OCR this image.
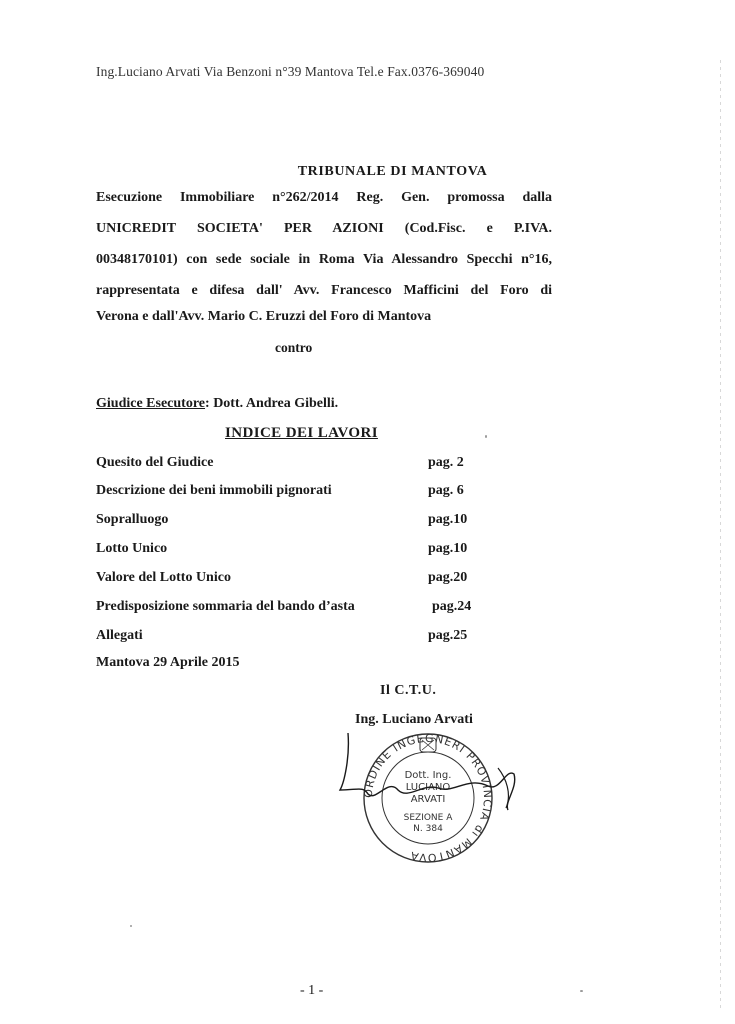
Ing.Luciano Arvati Via Benzoni n°39 Mantova Tel.e Fax.0376-369040
TRIBUNALE DI MANTOVA
Esecuzione Immobiliare n°262/2014 Reg. Gen. promossa dalla
UNICREDIT SOCIETA' PER AZIONI (Cod.Fisc. e P.IVA.
00348170101) con sede sociale in Roma Via Alessandro Specchi n°16,
rappresentata e difesa dall' Avv. Francesco Maffiсini del Foro di
Verona e dall'Avv. Mario C. Eruzzi del Foro di Mantova
contro
Giudice Esecutore: Dott. Andrea Gibelli.
INDICE DEI LAVORI
Quesito del Giudice	pag. 2
Descrizione dei beni immobili pignorati	pag. 6
Sopralluogo	pag.10
Lotto Unico	pag.10
Valore del Lotto Unico	pag.20
Predisposizione sommaria del bando d’asta	pag.24
Allegati	pag.25
Mantova 29 Aprile 2015
Il C.T.U.
Ing. Luciano Arvati
ORDINE INGEGNERI PROVINCIA di MANTOVA
Dott. Ing.
LUCIANO
ARVATI
SEZIONE A
N. 384
- 1 -
